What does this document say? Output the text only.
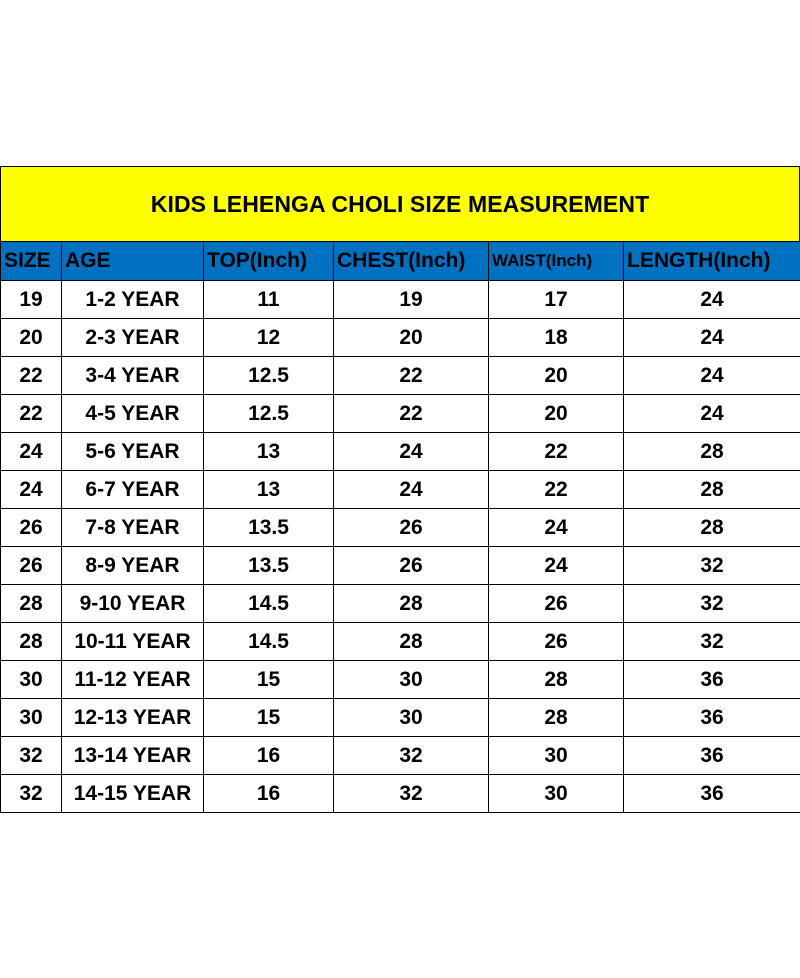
KIDS LEHENGA CHOLI SIZE MEASUREMENT
SIZE	AGE	TOP(Inch)	CHEST(Inch)	WAIST(Inch)	LENGTH(Inch)
19	1-2 YEAR	11	19	17	24
20	2-3 YEAR	12	20	18	24
22	3-4 YEAR	12.5	22	20	24
22	4-5 YEAR	12.5	22	20	24
24	5-6 YEAR	13	24	22	28
24	6-7 YEAR	13	24	22	28
26	7-8 YEAR	13.5	26	24	28
26	8-9 YEAR	13.5	26	24	32
28	9-10 YEAR	14.5	28	26	32
28	10-11 YEAR	14.5	28	26	32
30	11-12 YEAR	15	30	28	36
30	12-13 YEAR	15	30	28	36
32	13-14 YEAR	16	32	30	36
32	14-15 YEAR	16	32	30	36
